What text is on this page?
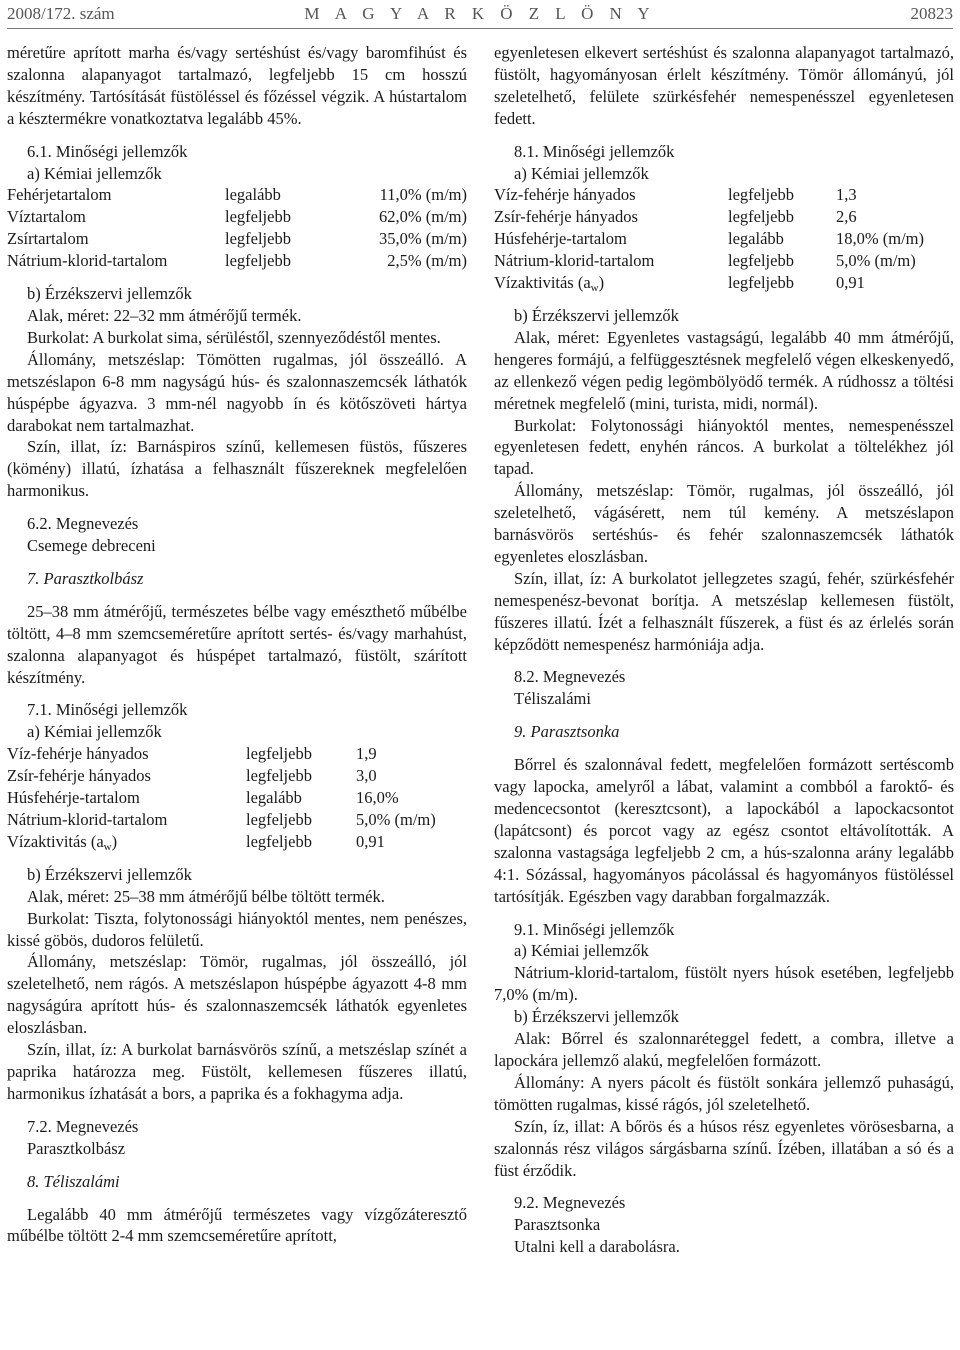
2008/172. szám	M A G Y A R K Ö Z L Ö N Y	20823

méretűre aprított marha és/vagy sertéshúst és/vagy baromfihúst és szalonna alapanyagot tartalmazó, legfeljebb 15 cm hosszú készítmény. Tartósítását füstöléssel és főzéssel végzik. A hústartalom a késztermékre vonatkoztatva legalább 45%.

6.1. Minőségi jellemzők

a) Kémiai jellemzők

Fehérjetartalom	legalább	11,0% (m/m)
Víztartalom	legfeljebb	62,0% (m/m)
Zsírtartalom	legfeljebb	35,0% (m/m)
Nátrium-klorid-tartalom	legfeljebb	2,5% (m/m)

b) Érzékszervi jellemzők

Alak, méret: 22–32 mm átmérőjű termék.

Burkolat: A burkolat sima, sérüléstől, szennyeződéstől mentes.

Állomány, metszéslap: Tömötten rugalmas, jól összeálló. A metszéslapon 6-8 mm nagyságú hús- és szalonnaszemcsék láthatók húspépbe ágyazva. 3 mm-nél nagyobb ín és kötőszöveti hártya darabokat nem tartalmazhat.

Szín, illat, íz: Barnáspiros színű, kellemesen füstös, fűszeres (kömény) illatú, ízhatása a felhasznált fűszereknek megfelelően harmonikus.

6.2. Megnevezés

Csemege debreceni

7. Parasztkolbász

25–38 mm átmérőjű, természetes bélbe vagy emészthető műbélbe töltött, 4–8 mm szemcseméretűre aprított sertés- és/vagy marhahúst, szalonna alapanyagot és húspépet tartalmazó, füstölt, szárított készítmény.

7.1. Minőségi jellemzők

a) Kémiai jellemzők

Víz-fehérje hányados	legfeljebb	1,9
Zsír-fehérje hányados	legfeljebb	3,0
Húsfehérje-tartalom	legalább	16,0%
Nátrium-klorid-tartalom	legfeljebb	5,0% (m/m)
Vízaktivitás $(a_w)$	legfeljebb	0,91

b) Érzékszervi jellemzők

Alak, méret: 25–38 mm átmérőjű bélbe töltött termék.

Burkolat: Tiszta, folytonossági hiányoktól mentes, nem penészes, kissé göbös, dudoros felületű.

Állomány, metszéslap: Tömör, rugalmas, jól összeálló, jól szeletelhető, nem rágós. A metszéslapon húspépbe ágyazott 4-8 mm nagyságúra aprított hús- és szalonnaszemcsék láthatók egyenletes eloszlásban.

Szín, illat, íz: A burkolat barnásvörös színű, a metszéslap színét a paprika határozza meg. Füstölt, kellemesen fűszeres illatú, harmonikus ízhatását a bors, a paprika és a fokhagyma adja.

7.2. Megnevezés

Parasztkolbász

8. Téliszalámi

Legalább 40 mm átmérőjű természetes vagy vízgőzáteresztő műbélbe töltött 2-4 mm szemcseméretűre aprított,

egyenletesen elkevert sertéshúst és szalonna alapanyagot tartalmazó, füstölt, hagyományosan érlelt készítmény. Tömör állományú, jól szeletelhető, felülete szürkésfehér nemespenésszel egyenletesen fedett.

8.1. Minőségi jellemzők

a) Kémiai jellemzők

Víz-fehérje hányados	legfeljebb	1,3
Zsír-fehérje hányados	legfeljebb	2,6
Húsfehérje-tartalom	legalább	18,0% (m/m)
Nátrium-klorid-tartalom	legfeljebb	5,0% (m/m)
Vízaktivitás $(a_w)$	legfeljebb	0,91

b) Érzékszervi jellemzők

Alak, méret: Egyenletes vastagságú, legalább 40 mm átmérőjű, hengeres formájú, a felfüggesztésnek megfelelő végen elkeskenyedő, az ellenkező végen pedig legömbölyödő termék. A rúdhossz a töltési méretnek megfelelő (mini, turista, midi, normál).

Burkolat: Folytonossági hiányoktól mentes, nemespenésszel egyenletesen fedett, enyhén ráncos. A burkolat a töltelékhez jól tapad.

Állomány, metszéslap: Tömör, rugalmas, jól összeálló, jól szeletelhető, vágásérett, nem túl kemény. A metszéslapon barnásvörös sertéshús- és fehér szalonnaszemcsék láthatók egyenletes eloszlásban.

Szín, illat, íz: A burkolatot jellegzetes szagú, fehér, szürkésfehér nemespenész-bevonat borítja. A metszéslap kellemesen füstölt, fűszeres illatú. Ízét a felhasznált fűszerek, a füst és az érlelés során képződött nemespenész harmóniája adja.

8.2. Megnevezés

Téliszalámi

9. Parasztsonka

Bőrrel és szalonnával fedett, megfelelően formázott sertéscomb vagy lapocka, amelyről a lábat, valamint a combból a faroktő- és medencecsontot (keresztcsont), a lapockából a lapockacsontot (lapátcsont) és porcot vagy az egész csontot eltávolították. A szalonna vastagsága legfeljebb 2 cm, a hús-szalonna arány legalább 4:1. Sózással, hagyományos pácolással és hagyományos füstöléssel tartósítják. Egészben vagy darabban forgalmazzák.

9.1. Minőségi jellemzők

a) Kémiai jellemzők

Nátrium-klorid-tartalom, füstölt nyers húsok esetében, legfeljebb 7,0% (m/m).

b) Érzékszervi jellemzők

Alak: Bőrrel és szalonnaréteggel fedett, a combra, illetve a lapockára jellemző alakú, megfelelően formázott.

Állomány: A nyers pácolt és füstölt sonkára jellemző puhaságú, tömötten rugalmas, kissé rágós, jól szeletelhető.

Szín, íz, illat: A bőrös és a húsos rész egyenletes vörösesbarna, a szalonnás rész világos sárgásbarna színű. Ízében, illatában a só és a füst érződik.

9.2. Megnevezés

Parasztsonka

Utalni kell a darabolásra.
